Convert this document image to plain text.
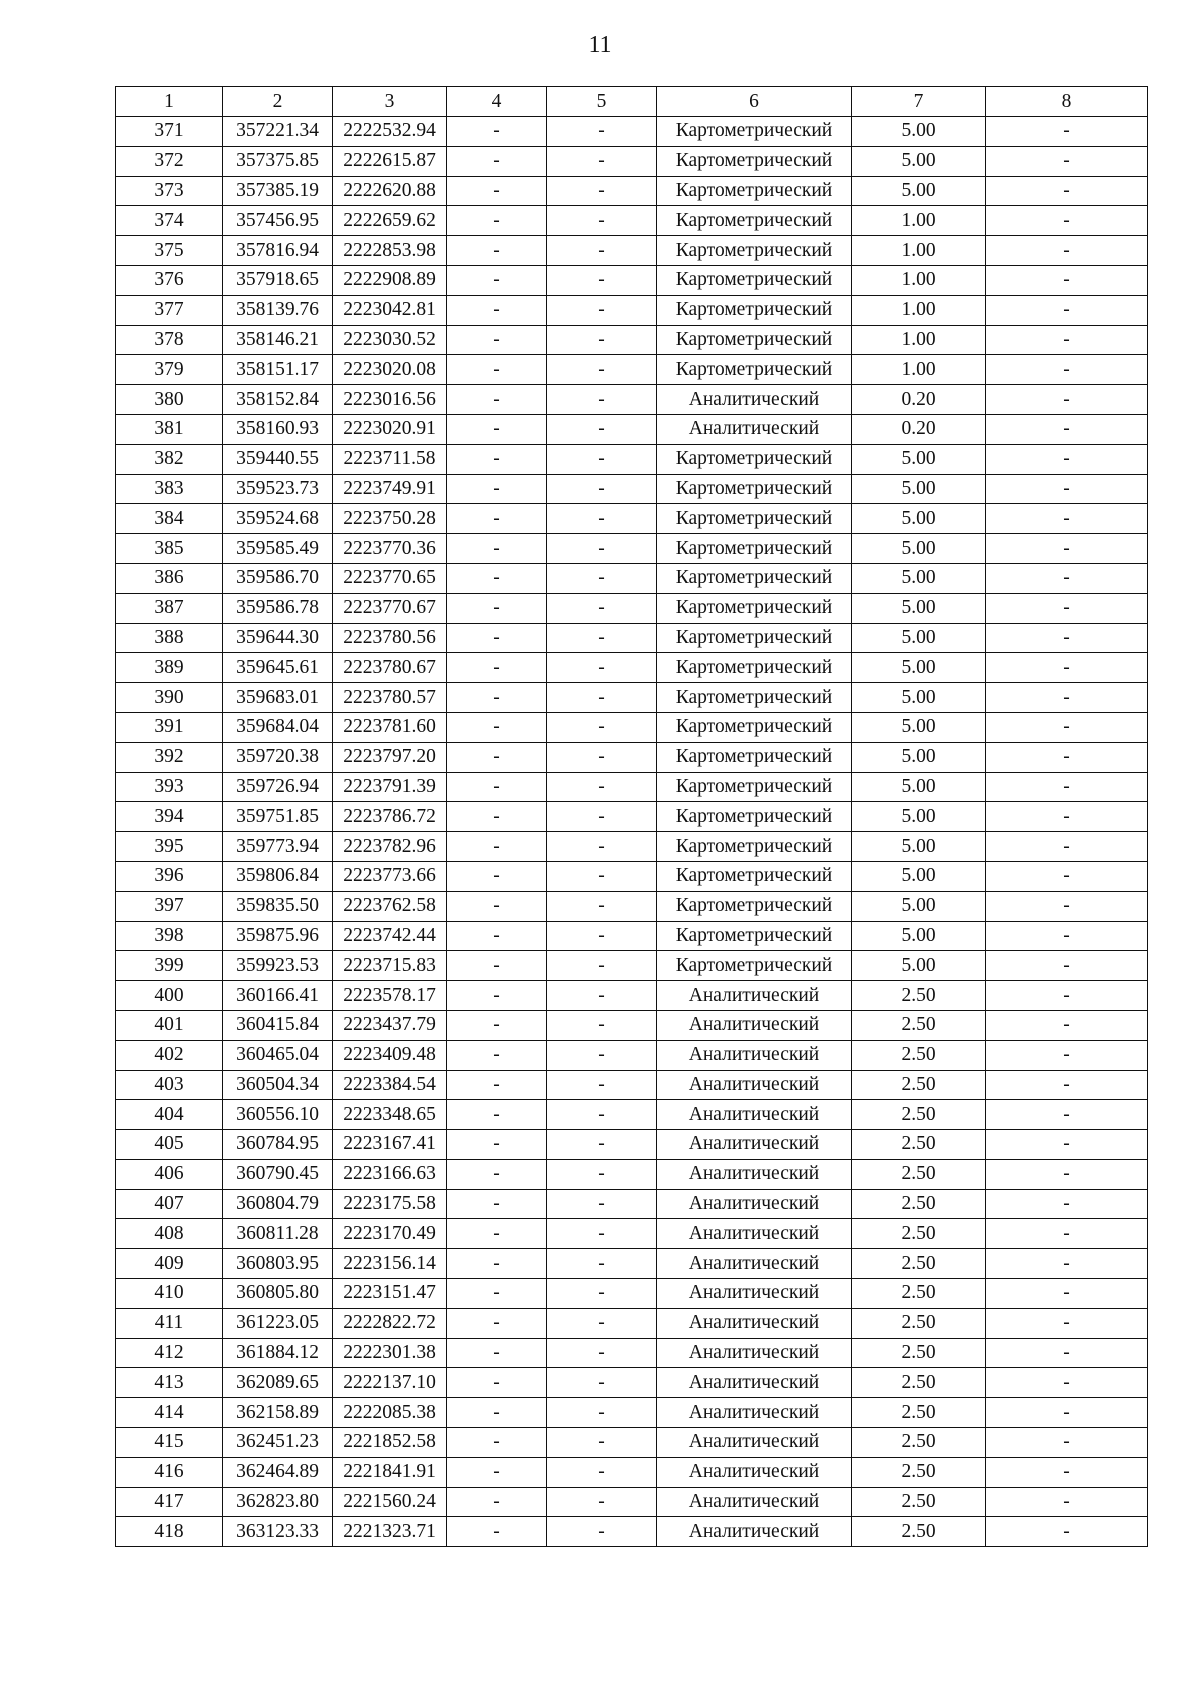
11
1	2	3	4	5	6	7	8
371	357221.34	2222532.94	-	-	Картометрический	5.00	-
372	357375.85	2222615.87	-	-	Картометрический	5.00	-
373	357385.19	2222620.88	-	-	Картометрический	5.00	-
374	357456.95	2222659.62	-	-	Картометрический	1.00	-
375	357816.94	2222853.98	-	-	Картометрический	1.00	-
376	357918.65	2222908.89	-	-	Картометрический	1.00	-
377	358139.76	2223042.81	-	-	Картометрический	1.00	-
378	358146.21	2223030.52	-	-	Картометрический	1.00	-
379	358151.17	2223020.08	-	-	Картометрический	1.00	-
380	358152.84	2223016.56	-	-	Аналитический	0.20	-
381	358160.93	2223020.91	-	-	Аналитический	0.20	-
382	359440.55	2223711.58	-	-	Картометрический	5.00	-
383	359523.73	2223749.91	-	-	Картометрический	5.00	-
384	359524.68	2223750.28	-	-	Картометрический	5.00	-
385	359585.49	2223770.36	-	-	Картометрический	5.00	-
386	359586.70	2223770.65	-	-	Картометрический	5.00	-
387	359586.78	2223770.67	-	-	Картометрический	5.00	-
388	359644.30	2223780.56	-	-	Картометрический	5.00	-
389	359645.61	2223780.67	-	-	Картометрический	5.00	-
390	359683.01	2223780.57	-	-	Картометрический	5.00	-
391	359684.04	2223781.60	-	-	Картометрический	5.00	-
392	359720.38	2223797.20	-	-	Картометрический	5.00	-
393	359726.94	2223791.39	-	-	Картометрический	5.00	-
394	359751.85	2223786.72	-	-	Картометрический	5.00	-
395	359773.94	2223782.96	-	-	Картометрический	5.00	-
396	359806.84	2223773.66	-	-	Картометрический	5.00	-
397	359835.50	2223762.58	-	-	Картометрический	5.00	-
398	359875.96	2223742.44	-	-	Картометрический	5.00	-
399	359923.53	2223715.83	-	-	Картометрический	5.00	-
400	360166.41	2223578.17	-	-	Аналитический	2.50	-
401	360415.84	2223437.79	-	-	Аналитический	2.50	-
402	360465.04	2223409.48	-	-	Аналитический	2.50	-
403	360504.34	2223384.54	-	-	Аналитический	2.50	-
404	360556.10	2223348.65	-	-	Аналитический	2.50	-
405	360784.95	2223167.41	-	-	Аналитический	2.50	-
406	360790.45	2223166.63	-	-	Аналитический	2.50	-
407	360804.79	2223175.58	-	-	Аналитический	2.50	-
408	360811.28	2223170.49	-	-	Аналитический	2.50	-
409	360803.95	2223156.14	-	-	Аналитический	2.50	-
410	360805.80	2223151.47	-	-	Аналитический	2.50	-
411	361223.05	2222822.72	-	-	Аналитический	2.50	-
412	361884.12	2222301.38	-	-	Аналитический	2.50	-
413	362089.65	2222137.10	-	-	Аналитический	2.50	-
414	362158.89	2222085.38	-	-	Аналитический	2.50	-
415	362451.23	2221852.58	-	-	Аналитический	2.50	-
416	362464.89	2221841.91	-	-	Аналитический	2.50	-
417	362823.80	2221560.24	-	-	Аналитический	2.50	-
418	363123.33	2221323.71	-	-	Аналитический	2.50	-
